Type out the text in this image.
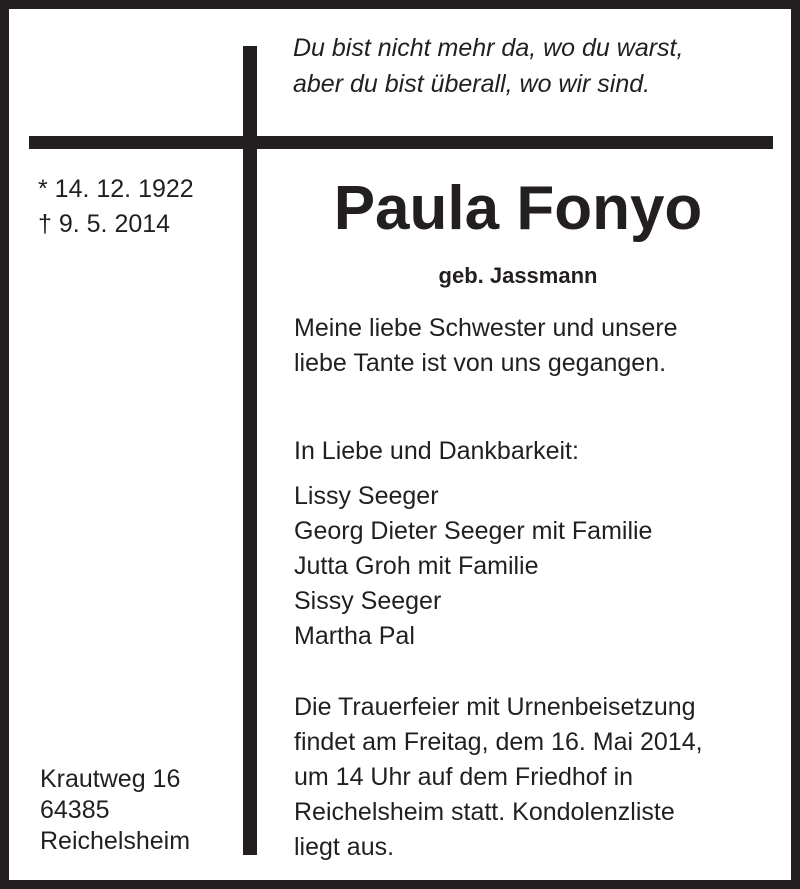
Du bist nicht mehr da, wo du warst,
aber du bist überall, wo wir sind.
* 14. 12. 1922
† 9. 5. 2014	Paula Fonyo
geb. Jassmann
Meine liebe Schwester und unsere
liebe Tante ist von uns gegangen.
In Liebe und Dankbarkeit:
Lissy Seeger
Georg Dieter Seeger mit Familie
Jutta Groh mit Familie
Sissy Seeger
Martha Pal
Die Trauerfeier mit Urnenbeisetzung
findet am Freitag, dem 16. Mai 2014,
um 14 Uhr auf dem Friedhof in
Reichelsheim statt. Kondolenzliste
liegt aus.
Krautweg 16
64385
Reichelsheim
